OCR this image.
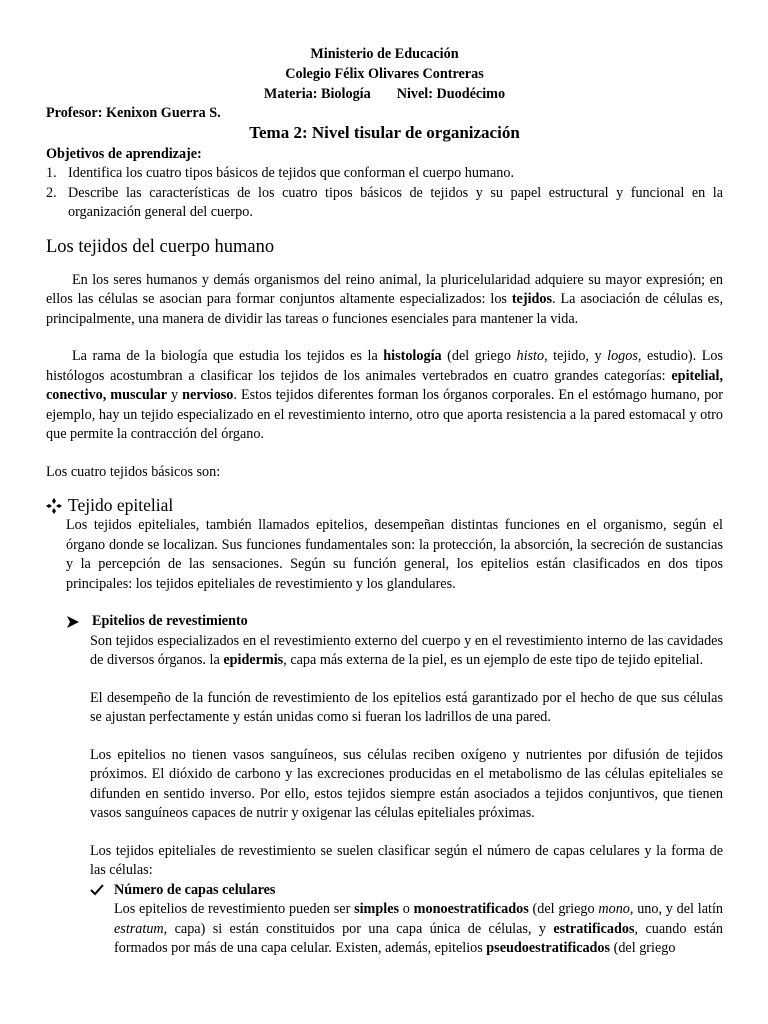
Ministerio de Educación
Colegio Félix Olivares Contreras
Materia: Biología Nivel: Duodécimo
Profesor: Kenixon Guerra S.
Tema 2: Nivel tisular de organización
Objetivos de aprendizaje:
1. Identifica los cuatro tipos básicos de tejidos que conforman el cuerpo humano.
2. Describe las características de los cuatro tipos básicos de tejidos y su papel estructural y funcional en la organización general del cuerpo.
Los tejidos del cuerpo humano

En los seres humanos y demás organismos del reino animal, la pluricelularidad adquiere su mayor expresión; en ellos las células se asocian para formar conjuntos altamente especializados: los tejidos. La asociación de células es, principalmente, una manera de dividir las tareas o funciones esenciales para mantener la vida.

La rama de la biología que estudia los tejidos es la histología (del griego histo, tejido, y logos, estudio). Los histólogos acostumbran a clasificar los tejidos de los animales vertebrados en cuatro grandes categorías: epitelial, conectivo, muscular y nervioso. Estos tejidos diferentes forman los órganos corporales. En el estómago humano, por ejemplo, hay un tejido especializado en el revestimiento interno, otro que aporta resistencia a la pared estomacal y otro que permite la contracción del órgano.

Los cuatro tejidos básicos son:

Tejido epitelial

Los tejidos epiteliales, también llamados epitelios, desempeñan distintas funciones en el organismo, según el órgano donde se localizan. Sus funciones fundamentales son: la protección, la absorción, la secreción de sustancias y la percepción de las sensaciones. Según su función general, los epitelios están clasificados en dos tipos principales: los tejidos epiteliales de revestimiento y los glandulares.

Epitelios de revestimiento

Son tejidos especializados en el revestimiento externo del cuerpo y en el revestimiento interno de las cavidades de diversos órganos. la epidermis, capa más externa de la piel, es un ejemplo de este tipo de tejido epitelial.

El desempeño de la función de revestimiento de los epitelios está garantizado por el hecho de que sus células se ajustan perfectamente y están unidas como si fueran los ladrillos de una pared.

Los epitelios no tienen vasos sanguíneos, sus células reciben oxígeno y nutrientes por difusión de tejidos próximos. El dióxido de carbono y las excreciones producidas en el metabolismo de las células epiteliales se difunden en sentido inverso. Por ello, estos tejidos siempre están asociados a tejidos conjuntivos, que tienen vasos sanguíneos capaces de nutrir y oxigenar las células epiteliales próximas.

Los tejidos epiteliales de revestimiento se suelen clasificar según el número de capas celulares y la forma de las células:

Número de capas celulares

Los epitelios de revestimiento pueden ser simples o monoestratificados (del griego mono, uno, y del latín estratum, capa) si están constituidos por una capa única de células, y estratificados, cuando están formados por más de una capa celular. Existen, además, epitelios pseudoestratificados (del griego
